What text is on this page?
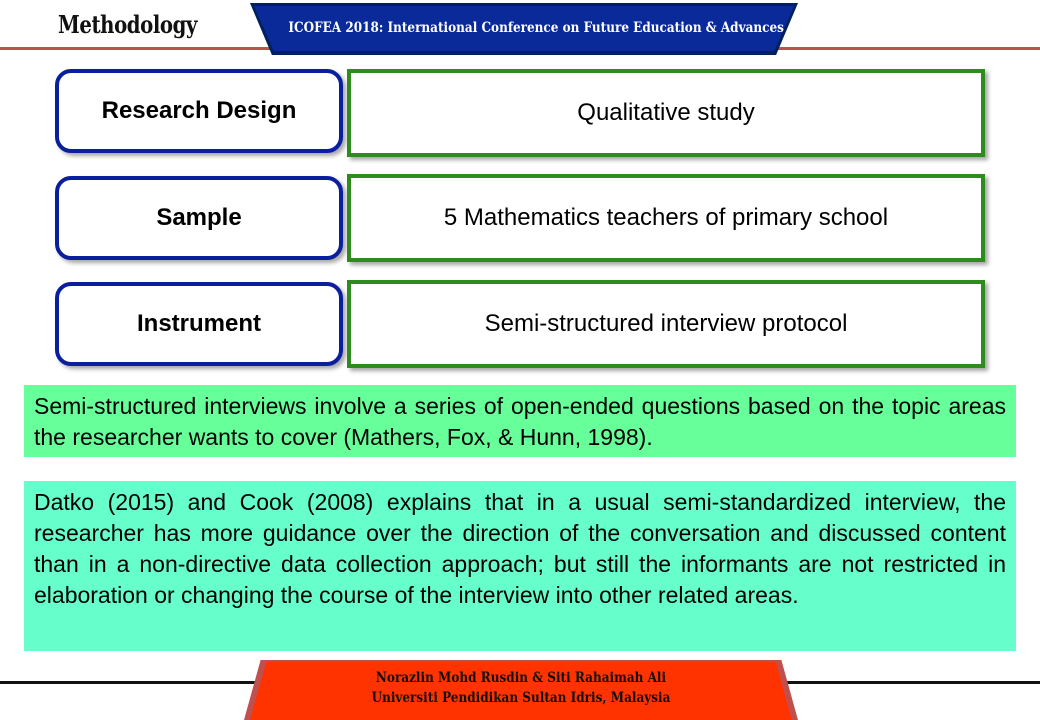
Methodology	ICOFEA 2018: International Conference on Future Education & Advances
Research Design	Qualitative study
Sample	5 Mathematics teachers of primary school
Instrument	Semi-structured interview protocol
Semi-structured interviews involve a series of open-ended questions based on the topic areas the researcher wants to cover (Mathers, Fox, & Hunn, 1998).
Datko (2015) and Cook (2008) explains that in a usual semi-standardized interview, the researcher has more guidance over the direction of the conversation and discussed content than in a non-directive data collection approach; but still the informants are not restricted in elaboration or changing the course of the interview into other related areas.
Norazlin Mohd Rusdin & Siti Rahaimah Ali
Universiti Pendidikan Sultan Idris, Malaysia
